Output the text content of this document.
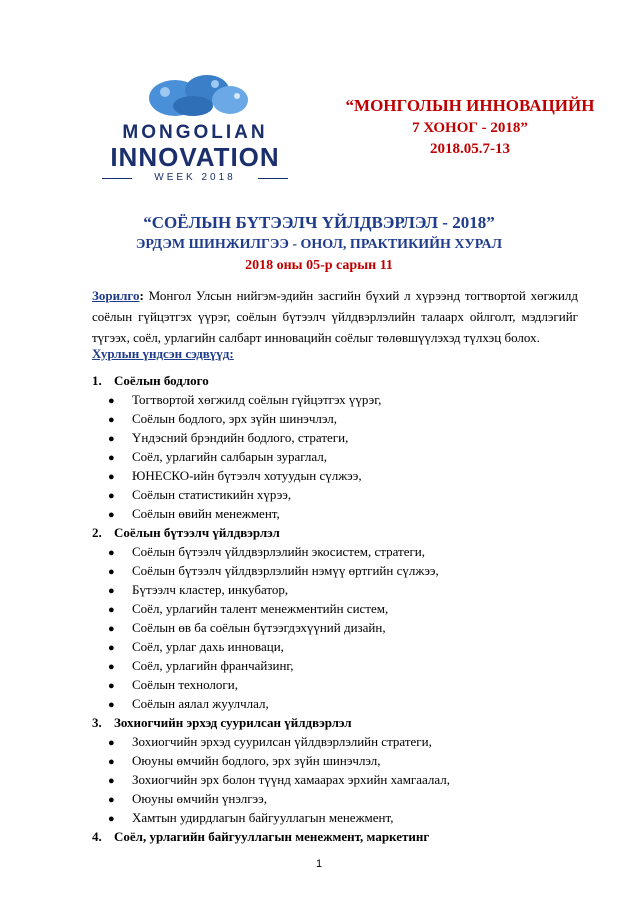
MONGOLIAN
INNOVATION
WEEK 2018
“МОНГОЛЫН ИННОВАЦИЙН
7 ХОНОГ - 2018”
2018.05.7-13
“СОЁЛЫН БҮТЭЭЛЧ ҮЙЛДВЭРЛЭЛ - 2018”
ЭРДЭМ ШИНЖИЛГЭЭ - ОНОЛ, ПРАКТИКИЙН ХУРАЛ
2018 оны 05-р сарын 11
Зорилго: Монгол Улсын нийгэм-эдийн засгийн бүхий л хүрээнд тогтвортой хөгжилд соёлын гүйцэтгэх үүрэг, соёлын бүтээлч үйлдвэрлэлийн талаарх ойлголт, мэдлэгийг түгээх, соёл, урлагийн салбарт инновацийн соёлыг төлөвшүүлэхэд түлхэц болох.
Хурлын үндсэн сэдвүүд:
1. Соёлын бодлого
● Тогтвортой хөгжилд соёлын гүйцэтгэх үүрэг,
● Соёлын бодлого, эрх зүйн шинэчлэл,
● Үндэсний брэндийн бодлого, стратеги,
● Соёл, урлагийн салбарын зураглал,
● ЮНЕСКО-ийн бүтээлч хотуудын сүлжээ,
● Соёлын статистикийн хүрээ,
● Соёлын өвийн менежмент,
2. Соёлын бүтээлч үйлдвэрлэл
● Соёлын бүтээлч үйлдвэрлэлийн экосистем, стратеги,
● Соёлын бүтээлч үйлдвэрлэлийн нэмүү өртгийн сүлжээ,
● Бүтээлч кластер, инкубатор,
● Соёл, урлагийн талент менежментийн систем,
● Соёлын өв ба соёлын бүтээгдэхүүний дизайн,
● Соёл, урлаг дахь инноваци,
● Соёл, урлагийн франчайзинг,
● Соёлын технологи,
● Соёлын аялал жуулчлал,
3. Зохиогчийн эрхэд суурилсан үйлдвэрлэл
● Зохиогчийн эрхэд суурилсан үйлдвэрлэлийн стратеги,
● Оюуны өмчийн бодлого, эрх зүйн шинэчлэл,
● Зохиогчийн эрх болон түүнд хамаарах эрхийн хамгаалал,
● Оюуны өмчийн үнэлгээ,
● Хамтын удирдлагын байгууллагын менежмент,
4. Соёл, урлагийн байгууллагын менежмент, маркетинг
1
